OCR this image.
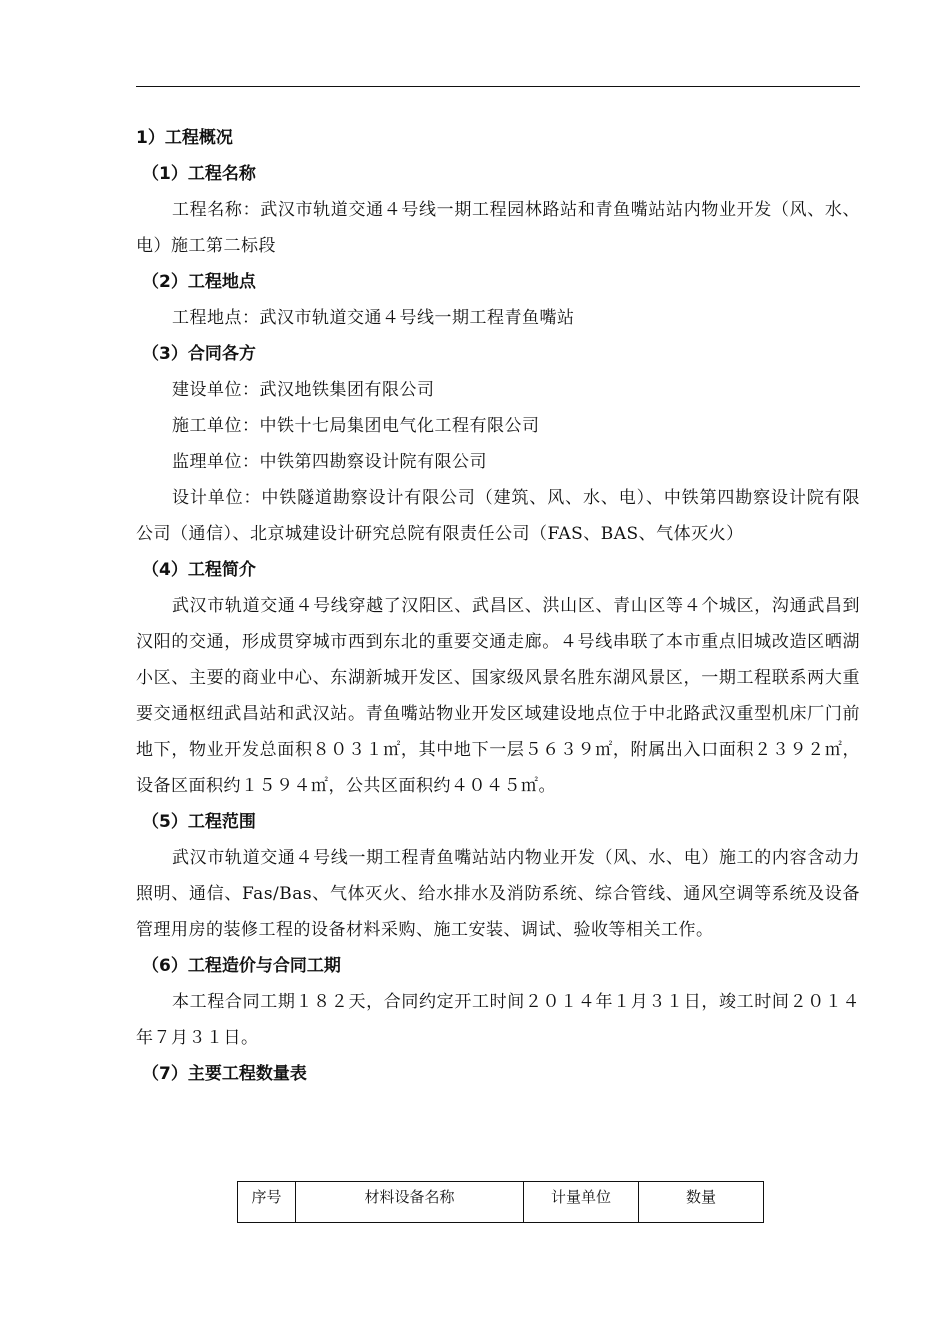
1）工程概况
（1）工程名称
工程名称：武汉市轨道交通４号线一期工程园林路站和青鱼嘴站站内物业开发（风、水、电）施工第二标段
（2）工程地点
工程地点：武汉市轨道交通４号线一期工程青鱼嘴站
（3）合同各方
建设单位：武汉地铁集团有限公司
施工单位：中铁十七局集团电气化工程有限公司
监理单位：中铁第四勘察设计院有限公司
设计单位：中铁隧道勘察设计有限公司（建筑、风、水、电）、中铁第四勘察设计院有限公司（通信）、北京城建设计研究总院有限责任公司（FAS、BAS、气体灭火）
（4）工程简介
武汉市轨道交通４号线穿越了汉阳区、武昌区、洪山区、青山区等４个城区，沟通武昌到汉阳的交通，形成贯穿城市西到东北的重要交通走廊。４号线串联了本市重点旧城改造区晒湖小区、主要的商业中心、东湖新城开发区、国家级风景名胜东湖风景区，一期工程联系两大重要交通枢纽武昌站和武汉站。青鱼嘴站物业开发区域建设地点位于中北路武汉重型机床厂门前地下，物业开发总面积８０３１㎡，其中地下一层５６３９㎡，附属出入口面积２３９２㎡，设备区面积约１５９４㎡，公共区面积约４０４５㎡。
（5）工程范围
武汉市轨道交通４号线一期工程青鱼嘴站站内物业开发（风、水、电）施工的内容含动力照明、通信、Fas/Bas、气体灭火、给水排水及消防系统、综合管线、通风空调等系统及设备管理用房的装修工程的设备材料采购、施工安装、调试、验收等相关工作。
（6）工程造价与合同工期
本工程合同工期１８２天，合同约定开工时间２０１４年１月３１日，竣工时间２０１４年７月３１日。
（7）主要工程数量表
序号	材料设备名称	计量单位	数量
